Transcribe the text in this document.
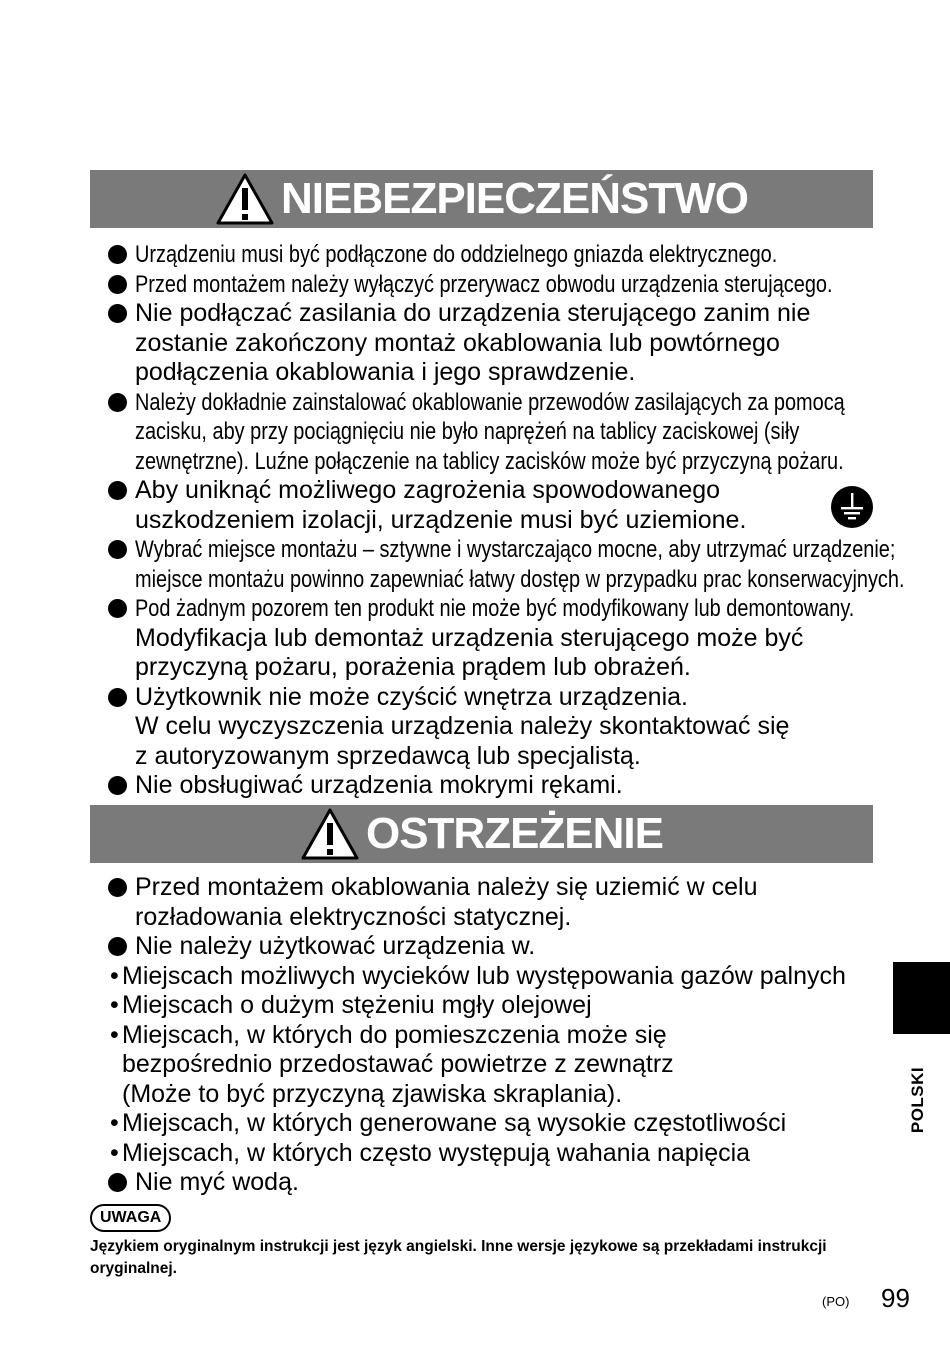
NIEBEZPIECZEŃSTWO
Urządzeniu musi być podłączone do oddzielnego gniazda elektrycznego.
Przed montażem należy wyłączyć przerywacz obwodu urządzenia sterującego.
Nie podłączać zasilania do urządzenia sterującego zanim nie
zostanie zakończony montaż okablowania lub powtórnego
podłączenia okablowania i jego sprawdzenie.
Należy dokładnie zainstalować okablowanie przewodów zasilających za pomocązacisku, aby przy pociągnięciu nie było naprężeń na tablicy zaciskowej (siłyzewnętrzne). Luźne połączenie na tablicy zacisków może być przyczyną pożaru.
Aby uniknąć możliwego zagrożenia spowodowanego
uszkodzeniem izolacji, urządzenie musi być uziemione.
Wybrać miejsce montażu – sztywne i wystarczająco mocne, aby utrzymać urządzenie;miejsce montażu powinno zapewniać łatwy dostęp w przypadku prac konserwacyjnych.
Pod żadnym pozorem ten produkt nie może być modyfikowany lub demontowany.
Modyfikacja lub demontaż urządzenia sterującego może być
przyczyną pożaru, porażenia prądem lub obrażeń.
Użytkownik nie może czyścić wnętrza urządzenia.
W celu wyczyszczenia urządzenia należy skontaktować się
z autoryzowanym sprzedawcą lub specjalistą.
Nie obsługiwać urządzenia mokrymi rękami.
OSTRZEŻENIE
Przed montażem okablowania należy się uziemić w celu
rozładowania elektryczności statycznej.
Nie należy użytkować urządzenia w.
• Miejscach możliwych wycieków lub występowania gazów palnych
• Miejscach o dużym stężeniu mgły olejowej
• Miejscach, w których do pomieszczenia może się
bezpośrednio przedostawać powietrze z zewnątrz
(Może to być przyczyną zjawiska skraplania).
• Miejscach, w których generowane są wysokie częstotliwości
• Miejscach, w których często występują wahania napięcia
Nie myć wodą.
UWAGA
Językiem oryginalnym instrukcji jest język angielski. Inne wersje językowe są przekładami instrukcji oryginalnej.
POLSKI
(PO) 99
